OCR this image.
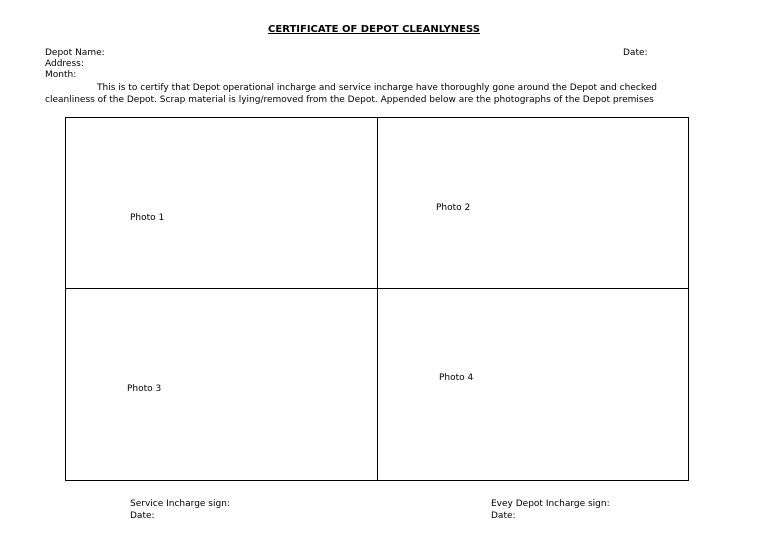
CERTIFICATE OF DEPOT CLEANLYNESS
Depot Name:	Date:
Address:
Month:
This is to certify that Depot operational incharge and service incharge have thoroughly gone around the Depot and checked cleanliness of the Depot. Scrap material is lying/removed from the Depot. Appended below are the photographs of the Depot premises
Photo 1
Photo 2
Photo 3
Photo 4
Service Incharge sign:
Date:
Evey Depot Incharge sign:
Date:
